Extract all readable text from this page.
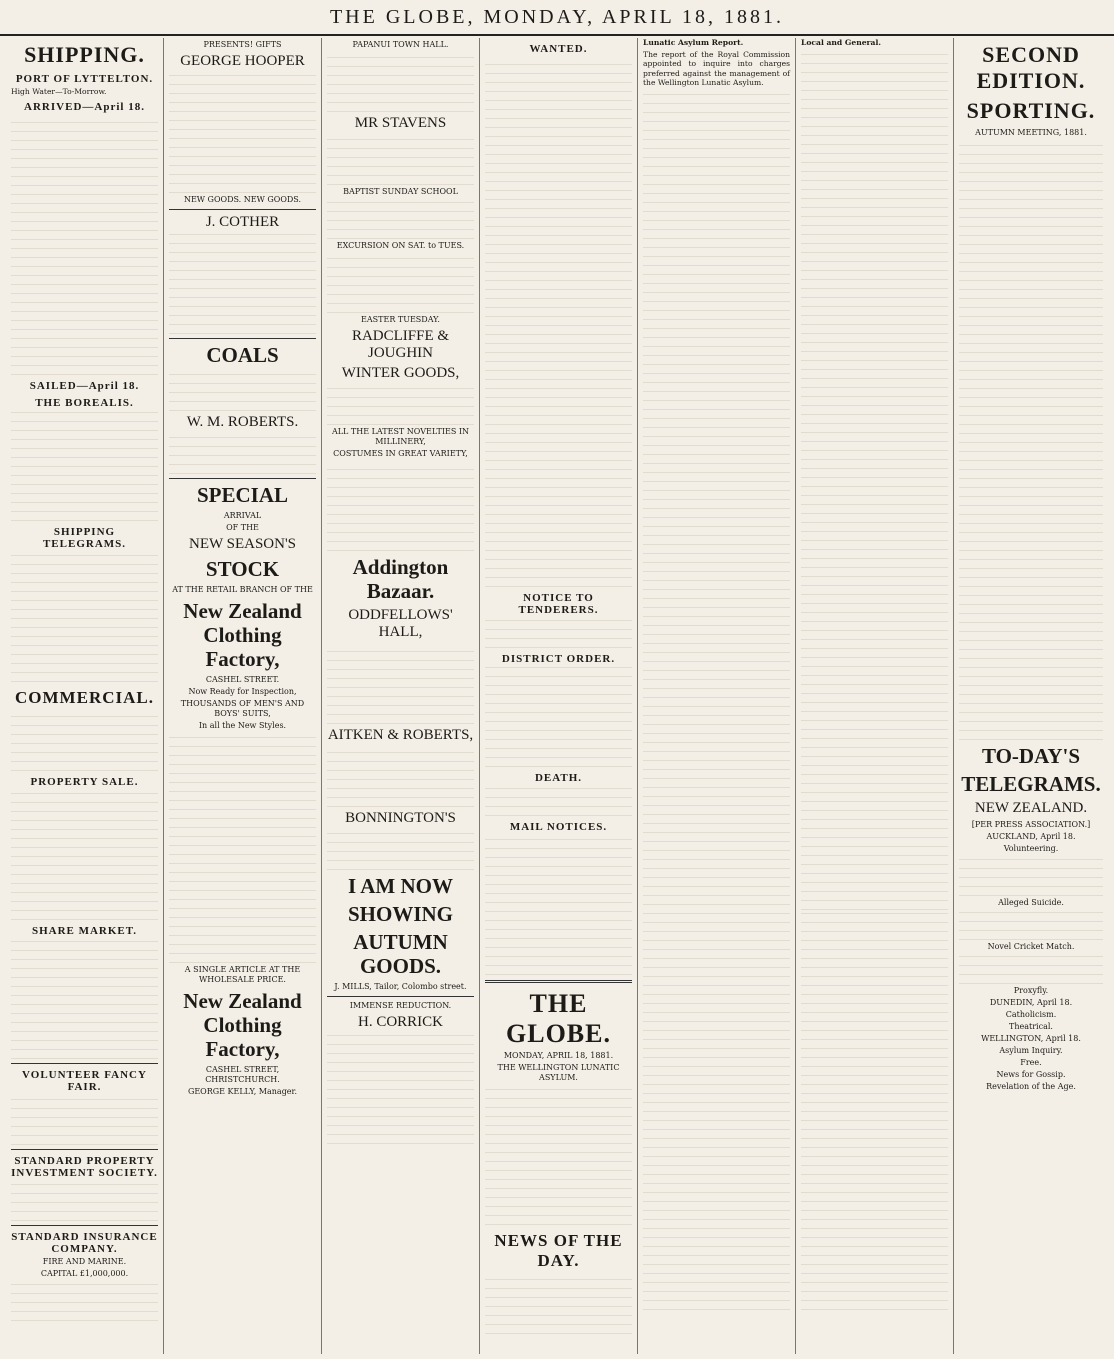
THE GLOBE, MONDAY, APRIL 18, 1881.
SHIPPING.
PORT OF LYTTELTON.
High Water—To-Morrow.
ARRIVED—April 18.
SAILED—April 18.
THE BOREALIS.
SHIPPING TELEGRAMS.
COMMERCIAL.
PROPERTY SALE.
SHARE MARKET.
VOLUNTEER FANCY FAIR.
STANDARD PROPERTY INVESTMENT SOCIETY.
STANDARD INSURANCE COMPANY.
FIRE AND MARINE.
CAPITAL £1,000,000.
PRESENTS! GIFTS
GEORGE HOOPER
NEW GOODS. NEW GOODS.
J. COTHER
COALS
W. M. ROBERTS.
SPECIAL
ARRIVAL
OF THE
NEW SEASON'S
STOCK
AT THE RETAIL BRANCH OF THE
New Zealand Clothing Factory,
CASHEL STREET.
Now Ready for Inspection,
THOUSANDS OF MEN'S AND BOYS' SUITS,
In all the New Styles.
A SINGLE ARTICLE AT THE WHOLESALE PRICE.
New Zealand Clothing Factory,
CASHEL STREET, CHRISTCHURCH.
GEORGE KELLY, Manager.
PAPANUI TOWN HALL.
MR STAVENS
BAPTIST SUNDAY SCHOOL
EXCURSION ON SAT. to TUES.
EASTER TUESDAY.
RADCLIFFE & JOUGHIN
WINTER GOODS,
ALL THE LATEST NOVELTIES IN MILLINERY,
COSTUMES IN GREAT VARIETY,
Addington Bazaar.
ODDFELLOWS' HALL,
AITKEN & ROBERTS,
BONNINGTON'S
I AM NOW
SHOWING
AUTUMN GOODS.
J. MILLS, Tailor, Colombo street.
IMMENSE REDUCTION.
H. CORRICK
WANTED.
NOTICE TO TENDERERS.
DISTRICT ORDER.
DEATH.
MAIL NOTICES.
THE GLOBE.
MONDAY, APRIL 18, 1881.
THE WELLINGTON LUNATIC ASYLUM.
NEWS OF THE DAY.
Lunatic Asylum Report.
The report of the Royal Commission appointed to inquire into charges preferred against the management of the Wellington Lunatic Asylum.
Local and General.	SECOND EDITION.
SPORTING.
AUTUMN MEETING, 1881.
TO-DAY'S
TELEGRAMS.
NEW ZEALAND.
[PER PRESS ASSOCIATION.]
AUCKLAND, April 18.
Volunteering.
Alleged Suicide.
Novel Cricket Match.
Proxyfly.
DUNEDIN, April 18.
Catholicism.
Theatrical.
WELLINGTON, April 18.
Asylum Inquiry.
Free.
News for Gossip.
Revelation of the Age.
